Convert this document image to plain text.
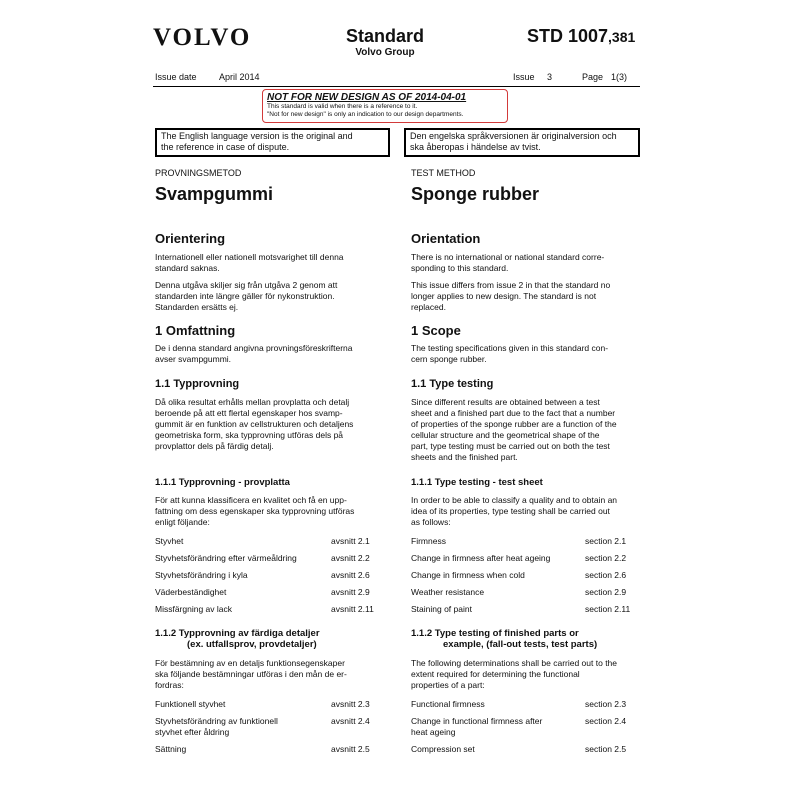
VOLVO	Standard
Volvo Group
STD 1007,381
Issue date April 2014	Issue 3	Page 1(3)
NOT FOR NEW DESIGN AS OF 2014-04-01
This standard is valid when there is a reference to it.
"Not for new design" is only an indication to our design departments.
The English language version is the original and
the reference in case of dispute.
Den engelska språkversionen är originalversion och
ska åberopas i händelse av tvist.
PROVNINGSMETOD
Svampgummi
Orientering
Internationell eller nationell motsvarighet till denna
standard saknas.
Denna utgåva skiljer sig från utgåva 2 genom att
standarden inte längre gäller för nykonstruktion.
Standarden ersätts ej.
1 Omfattning
De i denna standard angivna provningsföreskrifterna
avser svampgummi.
1.1 Typprovning
Då olika resultat erhålls mellan provplatta och detalj
beroende på att ett flertal egenskaper hos svamp-
gummit är en funktion av cellstrukturen och detaljens
geometriska form, ska typprovning utföras dels på
provplattor dels på färdig detalj.
1.1.1 Typprovning - provplatta
För att kunna klassificera en kvalitet och få en upp-
fattning om dess egenskaper ska typprovning utföras
enligt följande:
Styvhet	avsnitt 2.1
Styvhetsförändring efter värmeåldring	avsnitt 2.2
Styvhetsförändring i kyla	avsnitt 2.6
Väderbeständighet	avsnitt 2.9
Missfärgning av lack	avsnitt 2.11
1.1.2 Typprovning av färdiga detaljer
(ex. utfallsprov, provdetaljer)
För bestämning av en detaljs funktionsegenskaper
ska följande bestämningar utföras i den mån de er-
fordras:
Funktionell styvhet	avsnitt 2.3
Styvhetsförändring av funktionell
styvhet efter åldring
avsnitt 2.4
Sättning	avsnitt 2.5
TEST METHOD
Sponge rubber
Orientation
There is no international or national standard corre-
sponding to this standard.
This issue differs from issue 2 in that the standard no
longer applies to new design. The standard is not
replaced.
1 Scope
The testing specifications given in this standard con-
cern sponge rubber.
1.1 Type testing
Since different results are obtained between a test
sheet and a finished part due to the fact that a number
of properties of the sponge rubber are a function of the
cellular structure and the geometrical shape of the
part, type testing must be carried out on both the test
sheets and the finished part.
1.1.1 Type testing - test sheet
In order to be able to classify a quality and to obtain an
idea of its properties, type testing shall be carried out
as follows:
Firmness	section 2.1
Change in firmness after heat ageing	section 2.2
Change in firmness when cold	section 2.6
Weather resistance	section 2.9
Staining of paint	section 2.11
1.1.2 Type testing of finished parts or
example, (fall-out tests, test parts)
The following determinations shall be carried out to the
extent required for determining the functional
properties of a part:
Functional firmness	section 2.3
Change in functional firmness after
heat ageing
section 2.4
Compression set	section 2.5
